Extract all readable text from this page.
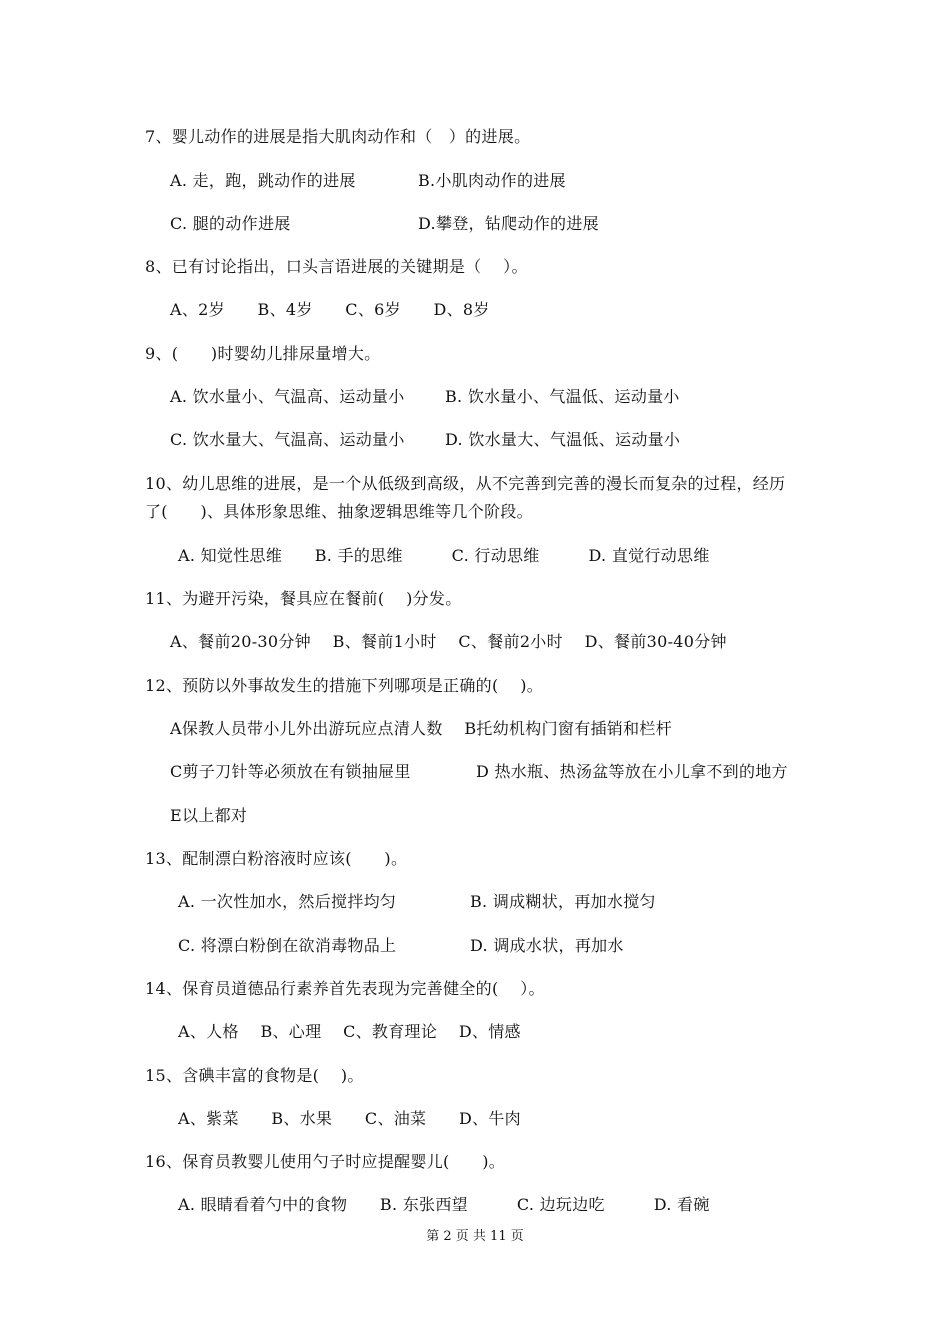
7、婴儿动作的进展是指大肌肉动作和（　）的进展。
A. 走，跑，跳动作的进展	B.小肌肉动作的进展
C. 腿的动作进展	D.攀登，钻爬动作的进展
8、已有讨论指出，口头言语进展的关键期是（　 ）。
A、2岁　　B、4岁　　C、6岁　　D、8岁
9、(　　)时婴幼儿排尿量增大。
A. 饮水量小、气温高、运动量小	B. 饮水量小、气温低、运动量小
C. 饮水量大、气温高、运动量小	D. 饮水量大、气温低、运动量小
10、幼儿思维的进展，是一个从低级到高级，从不完善到完善的漫长而复杂的过程，经历
了(　　)、具体形象思维、抽象逻辑思维等几个阶段。
A. 知觉性思维　　B. 手的思维　　　C. 行动思维　　　D. 直觉行动思维
11、为避开污染，餐具应在餐前(　 )分发。
A、餐前20-30分钟　 B、餐前1小时　 C、餐前2小时　 D、餐前30-40分钟
12、预防以外事故发生的措施下列哪项是正确的(　 )。
A保教人员带小儿外出游玩应点清人数　 B托幼机构门窗有插销和栏杆
C剪子刀针等必须放在有锁抽屉里　　　　D 热水瓶、热汤盆等放在小儿拿不到的地方
E以上都对
13、配制漂白粉溶液时应该(　　)。
A. 一次性加水，然后搅拌均匀	B. 调成糊状，再加水搅匀
C. 将漂白粉倒在欲消毒物品上	D. 调成水状，再加水
14、保育员道德品行素养首先表现为完善健全的(　 ）。
A、人格　 B、心理　 C、教育理论　 D、情感
15、含碘丰富的食物是(　 )。
A、紫菜　　B、水果　　C、油菜　　D、牛肉
16、保育员教婴儿使用勺子时应提醒婴儿(　　)。
A. 眼睛看着勺中的食物　　B. 东张西望　　　C. 边玩边吃　　　D. 看碗
第 2 页 共 11 页
